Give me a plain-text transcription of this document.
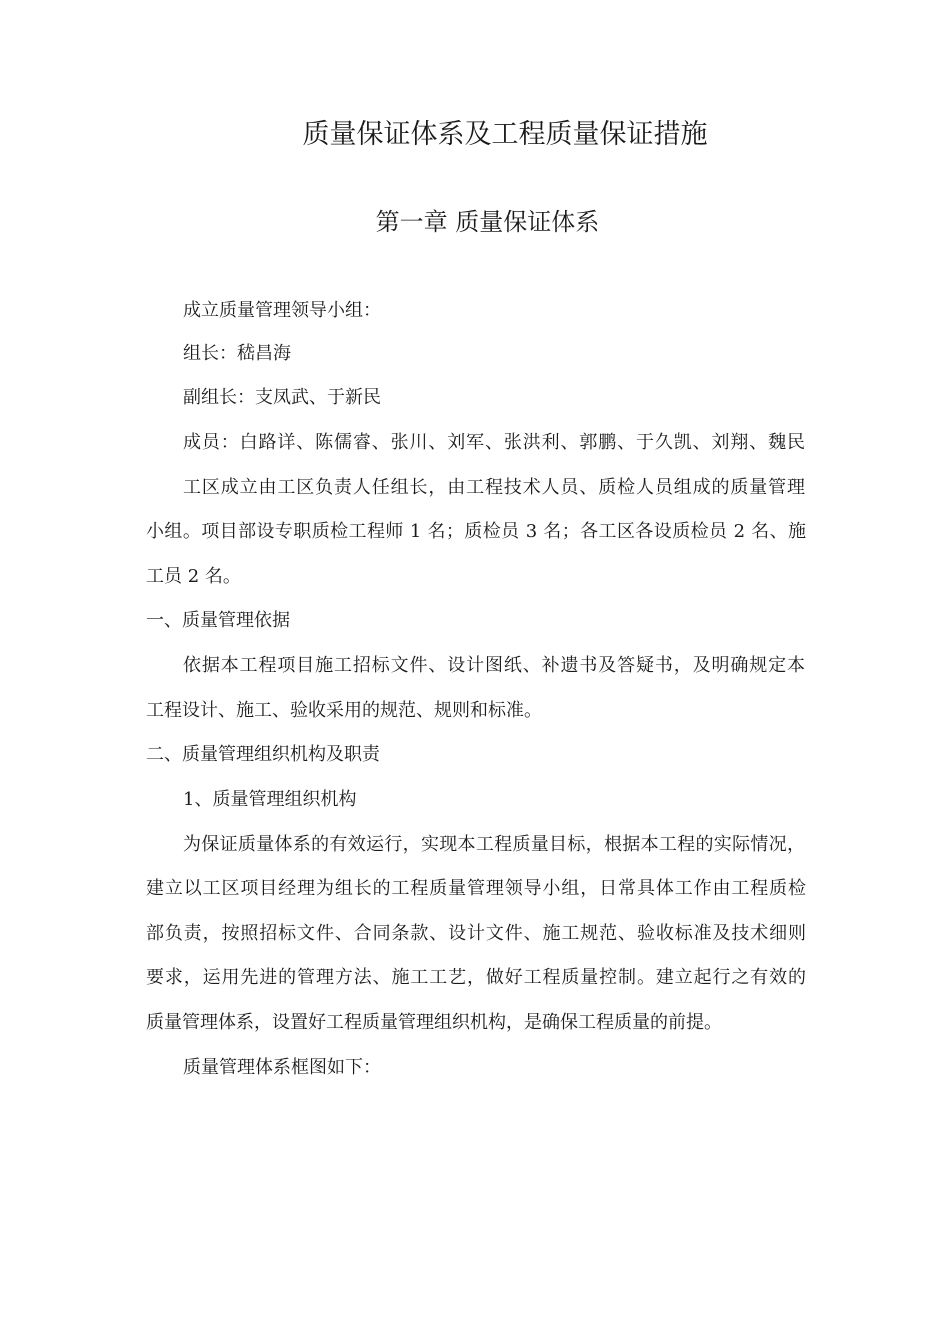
质量保证体系及工程质量保证措施
第一章 质量保证体系
成立质量管理领导小组：
组长：嵇昌海
副组长：支凤武、于新民
成员：白路详、陈儒睿、张川、刘军、张洪利、郭鹏、于久凯、刘翔、魏民
工区成立由工区负责人任组长，由工程技术人员、质检人员组成的质量管理
小组。项目部设专职质检工程师 1 名；质检员 3 名；各工区各设质检员 2 名、施
工员 2 名。
一、质量管理依据
依据本工程项目施工招标文件、设计图纸、补遗书及答疑书，及明确规定本
工程设计、施工、验收采用的规范、规则和标准。
二、质量管理组织机构及职责
1、质量管理组织机构
为保证质量体系的有效运行，实现本工程质量目标，根据本工程的实际情况，
建立以工区项目经理为组长的工程质量管理领导小组，日常具体工作由工程质检
部负责，按照招标文件、合同条款、设计文件、施工规范、验收标准及技术细则
要求，运用先进的管理方法、施工工艺，做好工程质量控制。建立起行之有效的
质量管理体系，设置好工程质量管理组织机构，是确保工程质量的前提。
质量管理体系框图如下：
